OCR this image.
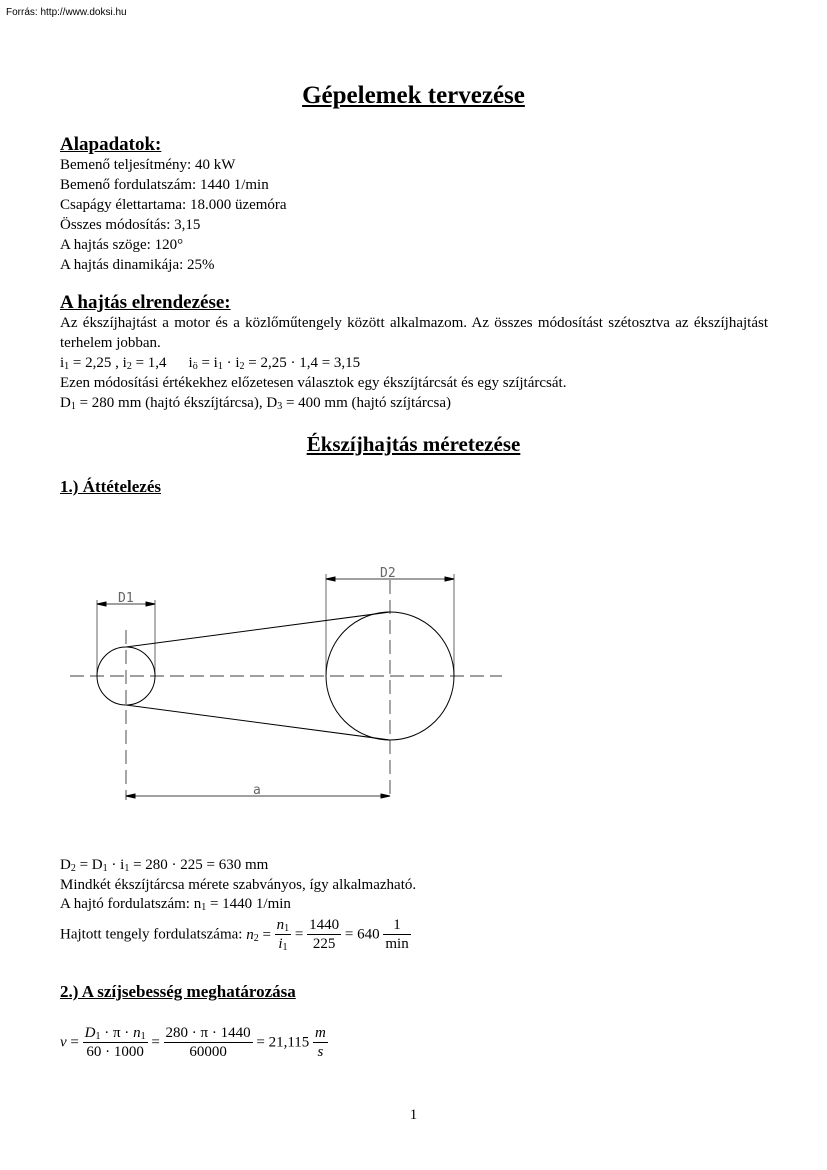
Forrás: http://www.doksi.hu
Gépelemek tervezése
Alapadatok:
Bemenő teljesítmény: 40 kW
Bemenő fordulatszám: 1440 1/min
Csapágy élettartama: 18.000 üzemóra
Összes módosítás: 3,15
A hajtás szöge: 120°
A hajtás dinamikája: 25%
A hajtás elrendezése:
Az ékszíjhajtást a motor és a közlőműtengely között alkalmazom. Az összes módosítást szétosztva az ékszíjhajtást terhelem jobban.
$i_1 = 2,25$ , $i_2 = 1,4$ $i_ö = i_1 \cdot i_2 = 2,25 \cdot 1,4 = 3,15$
Ezen módosítási értékekhez előzetesen választok egy ékszíjtárcsát és egy szíjtárcsát.
$D_1 = 280$ mm (hajtó ékszíjtárcsa), $D_3 = 400$ mm (hajtó szíjtárcsa)
Ékszíjhajtás méretezése
1.) Áttételezés
D1
D2
a
$D_2 = D_1 \cdot i_1 = 280 \cdot 225 = 630$ mm
Mindkét ékszíjtárcsa mérete szabványos, így alkalmazható.
A hajtó fordulatszám: $n_1 = 1440$ 1/min
Hajtott tengely fordulatszáma: $n_2 = \frac{n_1}{i_1} = \frac{1440}{225} = 640 \frac{1}{\min}$
2.) A szíjsebesség meghatározása
$v = \frac{D_1 \cdot \pi \cdot n_1}{60 \cdot 1000} = \frac{280 \cdot \pi \cdot 1440}{60000} = 21,115 \frac{m}{s}$
1
